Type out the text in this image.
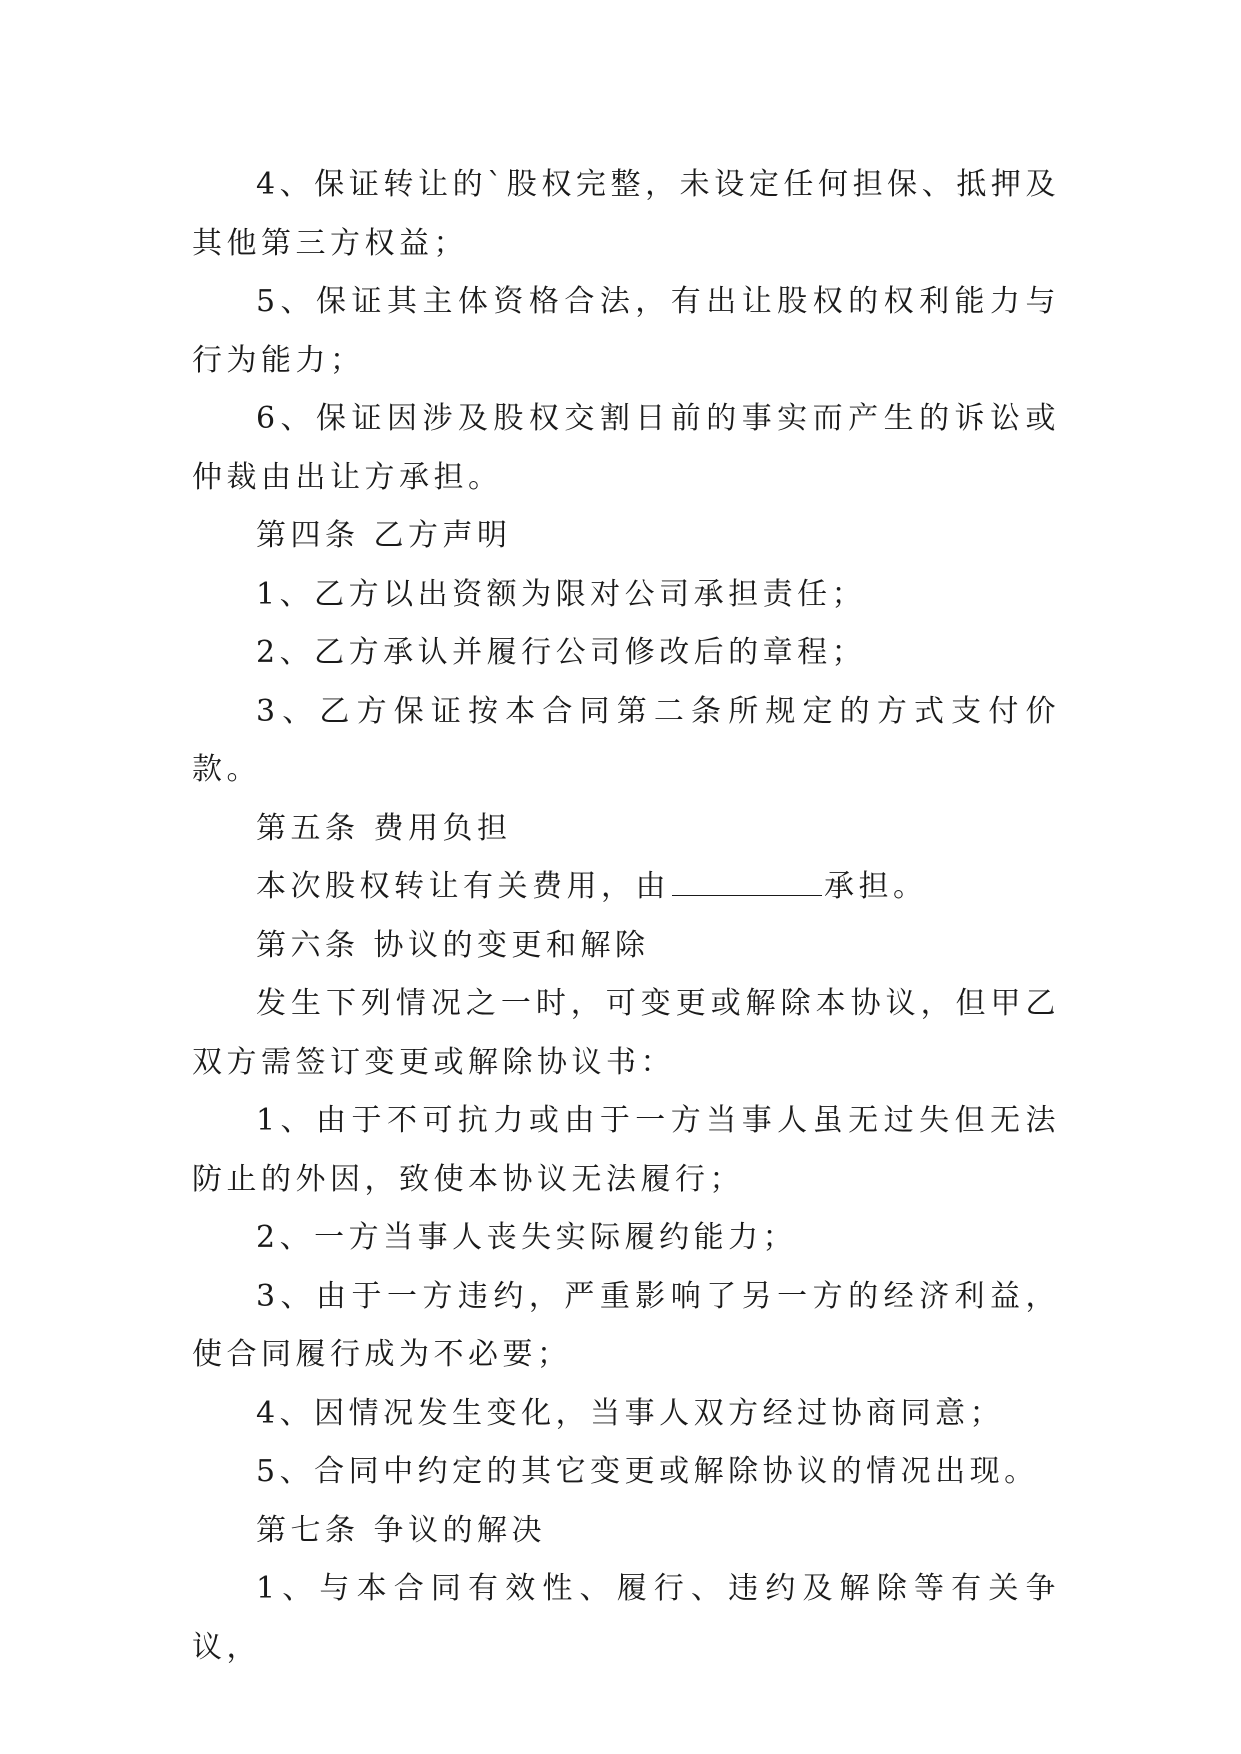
4、保证转让的`股权完整，未设定任何担保、抵押及其他第三方权益；

5、保证其主体资格合法，有出让股权的权利能力与行为能力；

6、保证因涉及股权交割日前的事实而产生的诉讼或仲裁由出让方承担。

第四条 乙方声明

1、乙方以出资额为限对公司承担责任；

2、乙方承认并履行公司修改后的章程；

3、乙方保证按本合同第二条所规定的方式支付价款。

第五条 费用负担

本次股权转让有关费用，由	承担。

第六条 协议的变更和解除

发生下列情况之一时，可变更或解除本协议，但甲乙双方需签订变更或解除协议书：

1、由于不可抗力或由于一方当事人虽无过失但无法防止的外因，致使本协议无法履行；

2、一方当事人丧失实际履约能力；

3、由于一方违约，严重影响了另一方的经济利益，使合同履行成为不必要；

4、因情况发生变化，当事人双方经过协商同意；

5、合同中约定的其它变更或解除协议的情况出现。

第七条 争议的解决

1、与本合同有效性、履行、违约及解除等有关争议，
